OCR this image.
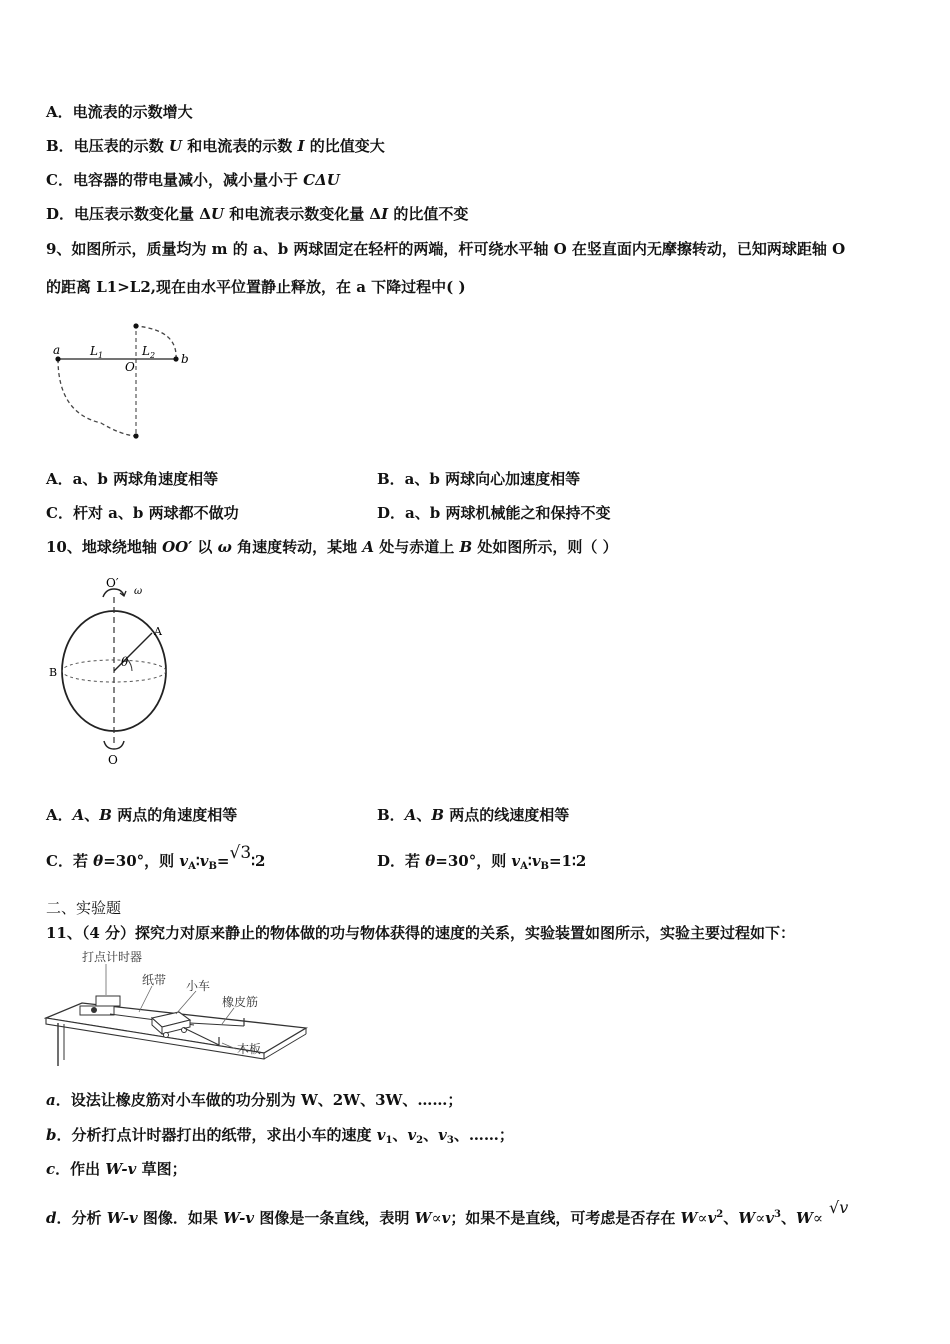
A．电流表的示数增大
B．电压表的示数 U 和电流表的示数 I 的比值变大
C．电容器的带电量减小，减小量小于 CΔU
D．电压表示数变化量 ΔU 和电流表示数变化量 ΔI 的比值不变
9、如图所示，质量均为 m 的 a、b 两球固定在轻杆的两端，杆可绕水平轴 O 在竖直面内无摩擦转动，已知两球距轴 O
的距离 L1>L2,现在由水平位置静止释放，在 a 下降过程中( )
a
b
O
$L_1$	$L_2$
A．a、b 两球角速度相等	B．a、b 两球向心加速度相等
C．杆对 a、b 两球都不做功	D．a、b 两球机械能之和保持不变
10、地球绕地轴 OO′ 以 ω 角速度转动，某地 A 处与赤道上 B 处如图所示，则（ ）
O′
O
ω
A
B
θ
A．A、B 两点的角速度相等	B．A、B 两点的线速度相等
C．若 θ=30°，则 $v_A∶v_B=√3∶2$	D．若 θ=30°，则 $v_A∶v_B=1∶2$
二、实验题
11、（4 分）探究力对原来静止的物体做的功与物体获得的速度的关系，实验装置如图所示，实验主要过程如下：
打点计时器
纸带 小车
橡皮筋
木板
a．设法让橡皮筋对小车做的功分别为 W、2W、3W、……；
b．分析打点计时器打出的纸带，求出小车的速度 $v_1$、$v_2$、$v_3$、……；
c．作出 W-v 草图；
d．分析 W-v 图像．如果 W-v 图像是一条直线，表明 W∝v；如果不是直线，可考虑是否存在 $W\propto v^2$、$W\propto v^3$、W∝√v
